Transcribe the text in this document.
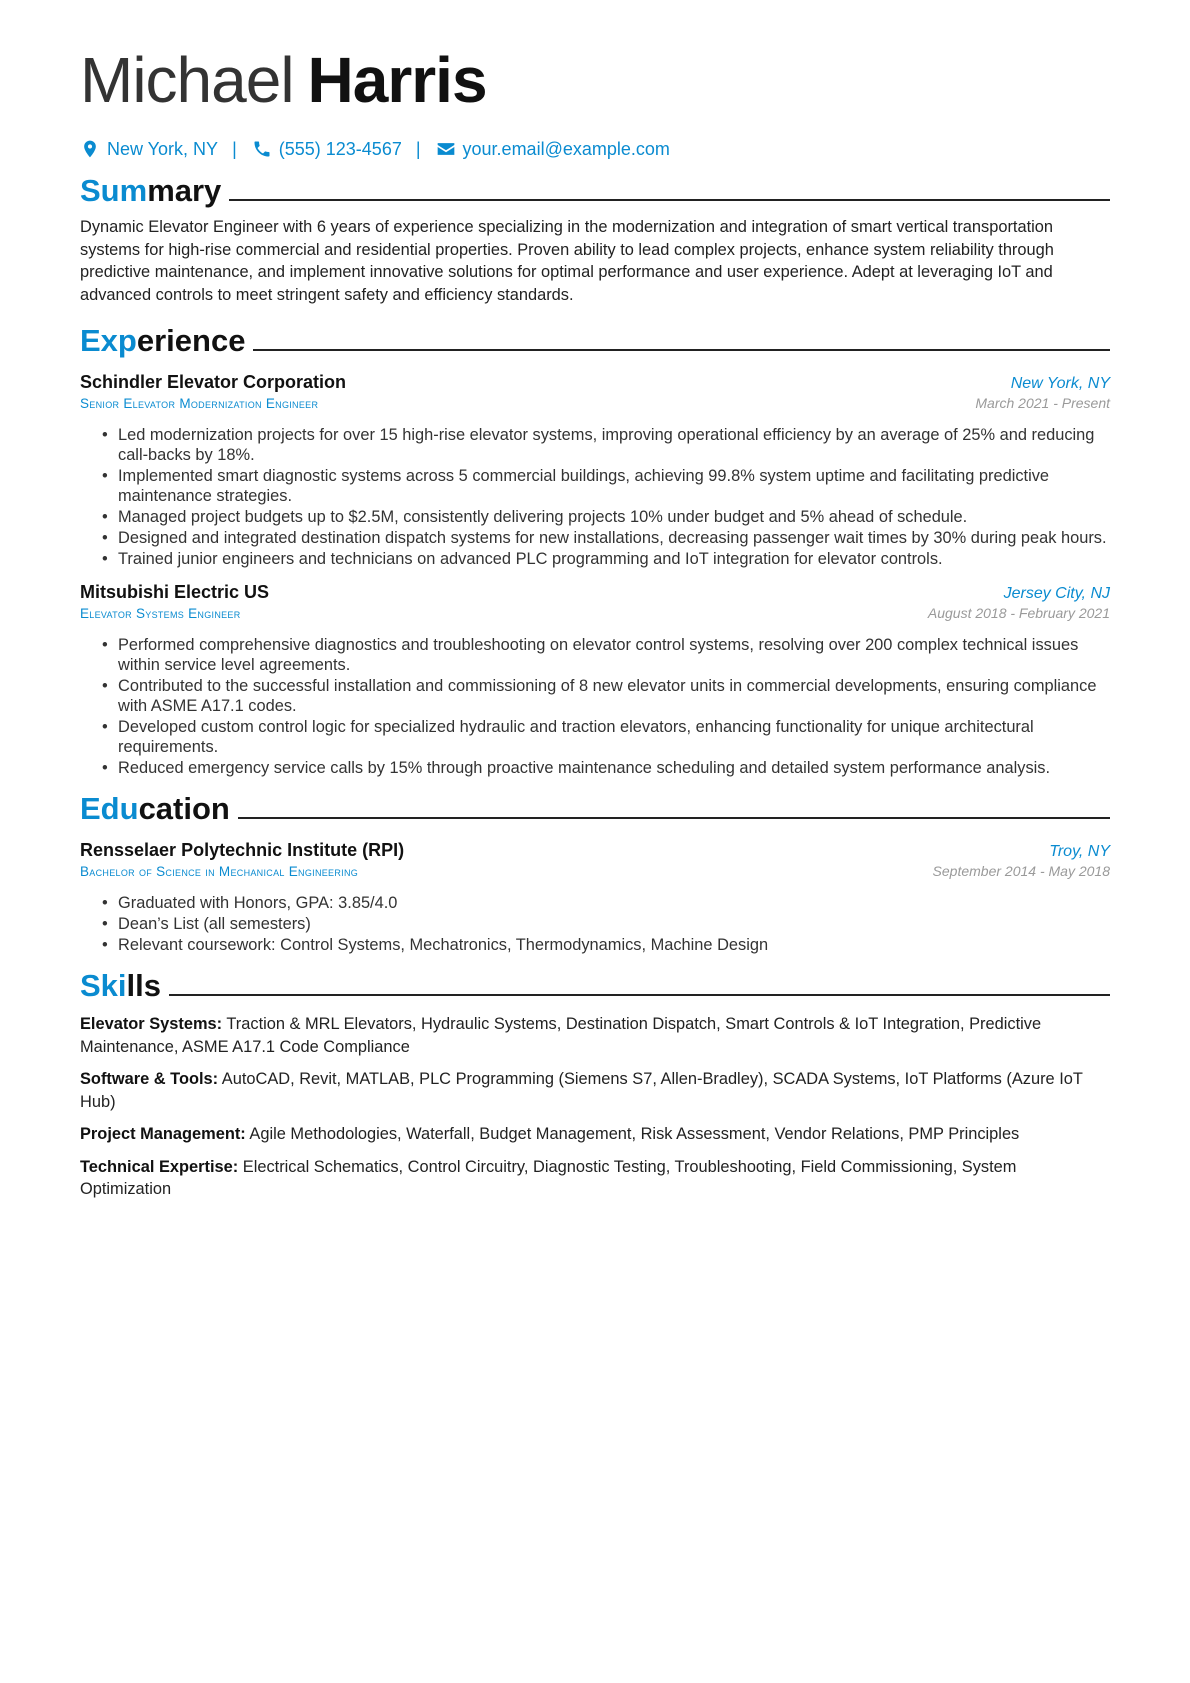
Michael Harris
New York, NY | (555) 123-4567 | your.email@example.com
Summary

Dynamic Elevator Engineer with 6 years of experience specializing in the modernization and integration of smart vertical transportation systems for high-rise commercial and residential properties. Proven ability to lead complex projects, enhance system reliability through predictive maintenance, and implement innovative solutions for optimal performance and user experience. Adept at leveraging IoT and advanced controls to meet stringent safety and efficiency standards.

Experience
Schindler Elevator Corporation	New York, NY
Senior Elevator Modernization Engineer	March 2021 - Present
• Led modernization projects for over 15 high-rise elevator systems, improving operational efficiency by an average of 25% and reducing call-backs by 18%.
• Implemented smart diagnostic systems across 5 commercial buildings, achieving 99.8% system uptime and facilitating predictive maintenance strategies.
• Managed project budgets up to $2.5M, consistently delivering projects 10% under budget and 5% ahead of schedule.
• Designed and integrated destination dispatch systems for new installations, decreasing passenger wait times by 30% during peak hours.
• Trained junior engineers and technicians on advanced PLC programming and IoT integration for elevator controls.
Mitsubishi Electric US	Jersey City, NJ
Elevator Systems Engineer	August 2018 - February 2021
• Performed comprehensive diagnostics and troubleshooting on elevator control systems, resolving over 200 complex technical issues within service level agreements.
• Contributed to the successful installation and commissioning of 8 new elevator units in commercial developments, ensuring compliance with ASME A17.1 codes.
• Developed custom control logic for specialized hydraulic and traction elevators, enhancing functionality for unique architectural requirements.
• Reduced emergency service calls by 15% through proactive maintenance scheduling and detailed system performance analysis.
Education
Rensselaer Polytechnic Institute (RPI)	Troy, NY
Bachelor of Science in Mechanical Engineering	September 2014 - May 2018
• Graduated with Honors, GPA: 3.85/4.0
• Dean’s List (all semesters)
• Relevant coursework: Control Systems, Mechatronics, Thermodynamics, Machine Design
Skills
Elevator Systems: Traction & MRL Elevators, Hydraulic Systems, Destination Dispatch, Smart Controls & IoT Integration, Predictive Maintenance, ASME A17.1 Code Compliance
Software & Tools: AutoCAD, Revit, MATLAB, PLC Programming (Siemens S7, Allen-Bradley), SCADA Systems, IoT Platforms (Azure IoT Hub)
Project Management: Agile Methodologies, Waterfall, Budget Management, Risk Assessment, Vendor Relations, PMP Principles
Technical Expertise: Electrical Schematics, Control Circuitry, Diagnostic Testing, Troubleshooting, Field Commissioning, System Optimization
